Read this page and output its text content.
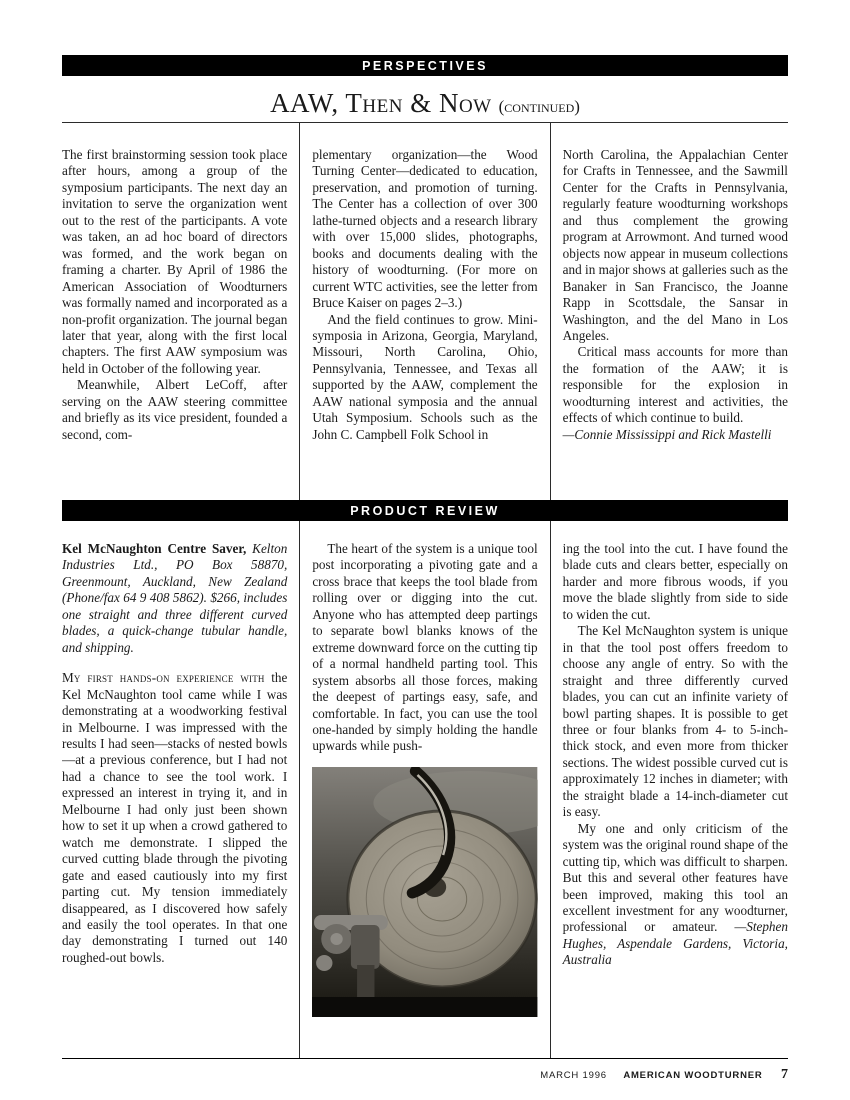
PERSPECTIVES
AAW, Then & Now (continued)

The first brainstorming session took place after hours, among a group of the symposium participants. The next day an invitation to serve the organization went out to the rest of the participants. A vote was taken, an ad hoc board of directors was formed, and the work began on framing a charter. By April of 1986 the American Association of Woodturners was formally named and incorporated as a non-profit organization. The journal began later that year, along with the first local chapters. The first AAW symposium was held in October of the following year.

Meanwhile, Albert LeCoff, after serving on the AAW steering committee and briefly as its vice president, founded a second, com-

plementary organization—the Wood Turning Center—dedicated to education, preservation, and promotion of turning. The Center has a collection of over 300 lathe-turned objects and a research library with over 15,000 slides, photographs, books and documents dealing with the history of woodturning. (For more on current WTC activities, see the letter from Bruce Kaiser on pages 2–3.)

And the field continues to grow. Mini-symposia in Arizona, Georgia, Maryland, Missouri, North Carolina, Ohio, Pennsylvania, Tennessee, and Texas all supported by the AAW, complement the AAW national symposia and the annual Utah Symposium. Schools such as the John C. Campbell Folk School in

North Carolina, the Appalachian Center for Crafts in Tennessee, and the Sawmill Center for the Crafts in Pennsylvania, regularly feature woodturning workshops and thus complement the growing program at Arrowmont. And turned wood objects now appear in museum collections and in major shows at galleries such as the Banaker in San Francisco, the Joanne Rapp in Scottsdale, the Sansar in Washington, and the del Mano in Los Angeles.

Critical mass accounts for more than the formation of the AAW; it is responsible for the explosion in woodturning interest and activities, the effects of which continue to build.

—Connie Mississippi and Rick Mastelli

PRODUCT REVIEW

Kel McNaughton Centre Saver, Kelton Industries Ltd., PO Box 58870, Greenmount, Auckland, New Zealand (Phone/fax 64 9 408 5862). $266, includes one straight and three different curved blades, a quick-change tubular handle, and shipping.

My first hands-on experience with the Kel McNaughton tool came while I was demonstrating at a woodworking festival in Melbourne. I was impressed with the results I had seen—stacks of nested bowls—at a previous conference, but I had not had a chance to see the tool work. I expressed an interest in trying it, and in Melbourne I had only just been shown how to set it up when a crowd gathered to watch me demonstrate. I slipped the curved cutting blade through the pivoting gate and eased cautiously into my first parting cut. My tension immediately disappeared, as I discovered how safely and easily the tool operates. In that one day demonstrating I turned out 140 roughed-out bowls.

The heart of the system is a unique tool post incorporating a pivoting gate and a cross brace that keeps the tool blade from rolling over or digging into the cut. Anyone who has attempted deep partings to separate bowl blanks knows of the extreme downward force on the cutting tip of a normal handheld parting tool. This system absorbs all those forces, making the deepest of partings easy, safe, and comfortable. In fact, you can use the tool one-handed by simply holding the handle upwards while push-

ing the tool into the cut. I have found the blade cuts and clears better, especially on harder and more fibrous woods, if you move the blade slightly from side to side to widen the cut.

The Kel McNaughton system is unique in that the tool post offers freedom to choose any angle of entry. So with the straight and three differently curved blades, you can cut an infinite variety of bowl parting shapes. It is possible to get three or four blanks from 4- to 5-inch-thick stock, and even more from thicker sections. The widest possible curved cut is approximately 12 inches in diameter; with the straight blade a 14-inch-diameter cut is easy.

My one and only criticism of the system was the original round shape of the cutting tip, which was difficult to sharpen. But this and several other features have been improved, making this tool an excellent investment for any woodturner, professional or amateur. —Stephen Hughes, Aspendale Gardens, Victoria, Australia

MARCH 1996 AMERICAN WOODTURNER 7
